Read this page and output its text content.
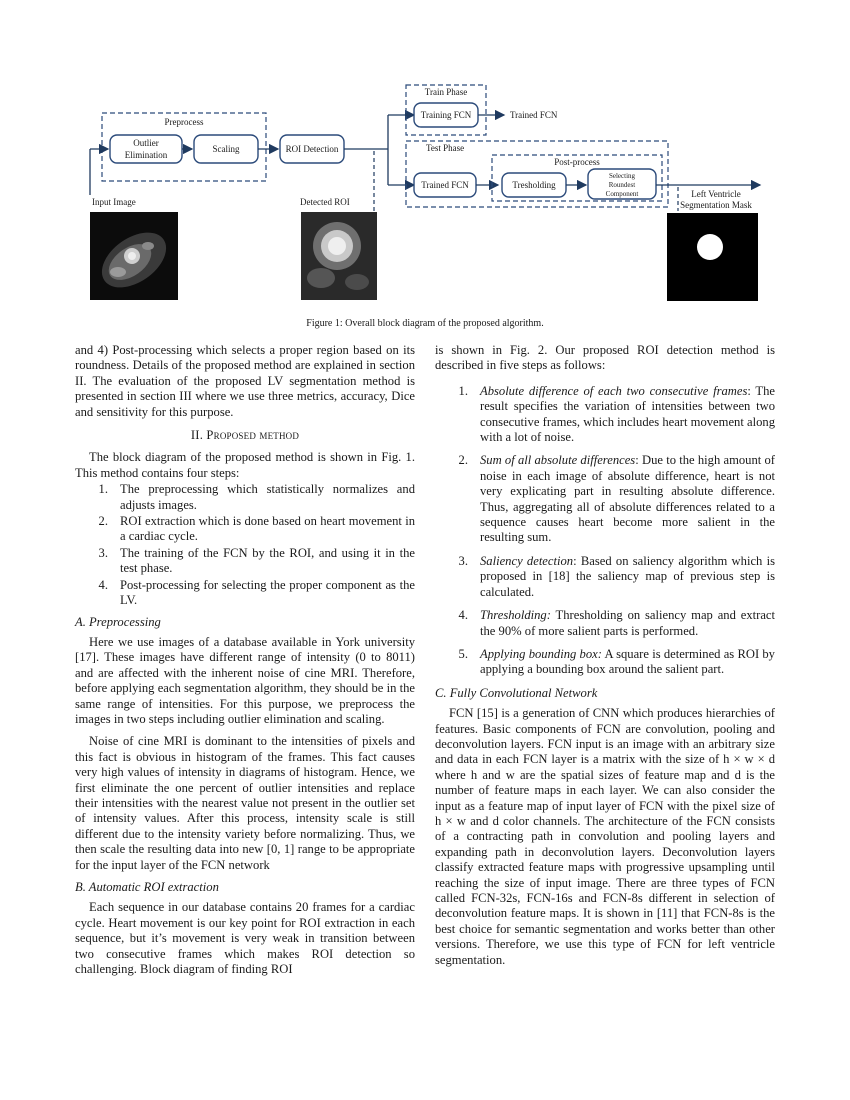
Preprocess
Outlier
Elimination
Scaling	ROI Detection
Train Phase
Training FCN	Trained FCN
Test Phase
Trained FCN
Post-process
Tresholding
Selecting
Roundest
Component
Input Image	Detected ROI
Left Ventricle
Segmentation Mask
Figure 1: Overall block diagram of the proposed algorithm.

and 4) Post-processing which selects a proper region based on its roundness. Details of the proposed method are explained in section II. The evaluation of the proposed LV segmentation method is presented in section III where we use three metrics, accuracy, Dice and sensitivity for this purpose.

II. Proposed method

The block diagram of the proposed method is shown in Fig. 1. This method contains four steps:

1. The preprocessing which statistically normalizes and adjusts images.
2. ROI extraction which is done based on heart movement in a cardiac cycle.
3. The training of the FCN by the ROI, and using it in the test phase.
4. Post-processing for selecting the proper component as the LV.
A. Preprocessing

Here we use images of a database available in York university [17]. These images have different range of intensity (0 to 8011) and are affected with the inherent noise of cine MRI. Therefore, before applying each segmentation algorithm, they should be in the same range of intensities. For this purpose, we preprocess the images in two steps including outlier elimination and scaling.

Noise of cine MRI is dominant to the intensities of pixels and this fact is obvious in histogram of the frames. This fact causes very high values of intensity in diagrams of histogram. Hence, we first eliminate the one percent of outlier intensities and replace their intensities with the nearest value not present in the outlier set of intensity values. After this process, intensity scale is still different due to the intensity variety before normalizing. Thus, we then scale the resulting data into new [0, 1] range to be appropriate for the input layer of the FCN network

B. Automatic ROI extraction

Each sequence in our database contains 20 frames for a cardiac cycle. Heart movement is our key point for ROI extraction in each sequence, but it’s movement is very weak in transition between two consecutive frames which makes ROI detection so challenging. Block diagram of finding ROI

is shown in Fig. 2. Our proposed ROI detection method is described in five steps as follows:

1. Absolute difference of each two consecutive frames: The result specifies the variation of intensities between two consecutive frames, which includes heart movement along with a lot of noise.
2. Sum of all absolute differences: Due to the high amount of noise in each image of absolute difference, heart is not very explicating part in resulting absolute difference. Thus, aggregating all of absolute differences related to a sequence causes heart become more salient in the resulting sum.
3. Saliency detection: Based on saliency algorithm which is proposed in [18] the saliency map of previous step is calculated.
4. Thresholding: Thresholding on saliency map and extract the 90% of more salient parts is performed.
5. Applying bounding box: A square is determined as ROI by applying a bounding box around the salient part.
C. Fully Convolutional Network

FCN [15] is a generation of CNN which produces hierarchies of features. Basic components of FCN are convolution, pooling and deconvolution layers. FCN input is an image with an arbitrary size and data in each FCN layer is a matrix with the size of h × w × d where h and w are the spatial sizes of feature map and d is the number of feature maps in each layer. We can also consider the input as a feature map of input layer of FCN with the pixel size of h × w and d color channels. The architecture of the FCN consists of a contracting path in convolution and pooling layers and expanding path in deconvolution layers. Deconvolution layers classify extracted feature maps with progressive upsampling until reaching the size of input image. There are three types of FCN called FCN-32s, FCN-16s and FCN-8s different in selection of deconvolution feature maps. It is shown in [11] that FCN-8s is the best choice for semantic segmentation and works better than other versions. Therefore, we use this type of FCN for left ventricle segmentation.
